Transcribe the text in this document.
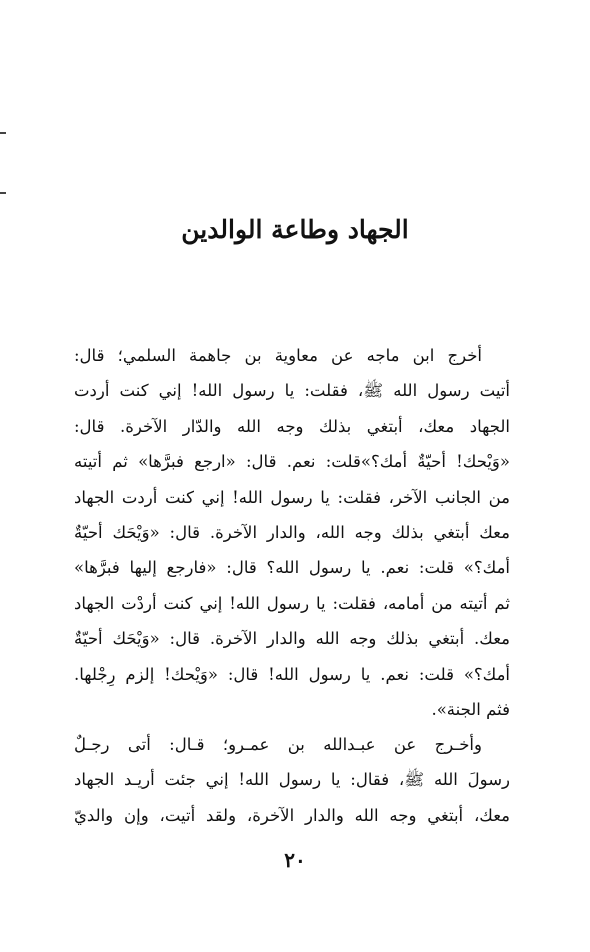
الجهاد وطاعة الوالدين
أخرج ابن ماجه عن معاوية بن جاهمة السلمي؛ قال:
أتيت رسول الله ﷺ، فقلت: يا رسول الله! إني كنت أردت
الجهاد معك، أبتغي بذلك وجه الله والدّار الآخرة. قال:
«وَيْحك! أحيّةٌ أمك؟»قلت: نعم. قال: «ارجع فبرَّها» ثم أتيته
من الجانب الآخر، فقلت: يا رسول الله! إني كنت أردت الجهاد
معك أبتغي بذلك وجه الله، والدار الآخرة. قال: «وَيْحَك أحيّةٌ
أمك؟» قلت: نعم. يا رسول الله؟ قال: «فارجع إليها فبرَّها»
ثم أتيته من أمامه، فقلت: يا رسول الله! إني كنت أردْت الجهاد
معك. أبتغي بذلك وجه الله والدار الآخرة. قال: «وَيْحَك أحيّةٌ
أمك؟» قلت: نعم. يا رسول الله! قال: «وَيْحك! إلزم رِجْلها.
فثم الجنة».
وأخـرج عن عبـدالله بن عمـرو؛ قـال: أتى رجـلٌ
رسولَ الله ﷺ، فقال: يا رسول الله! إني جئت أريـد الجهاد
معك، أبتغي وجه الله والدار الآخرة، ولقد أتيت، وإن والديّ
٢٠
